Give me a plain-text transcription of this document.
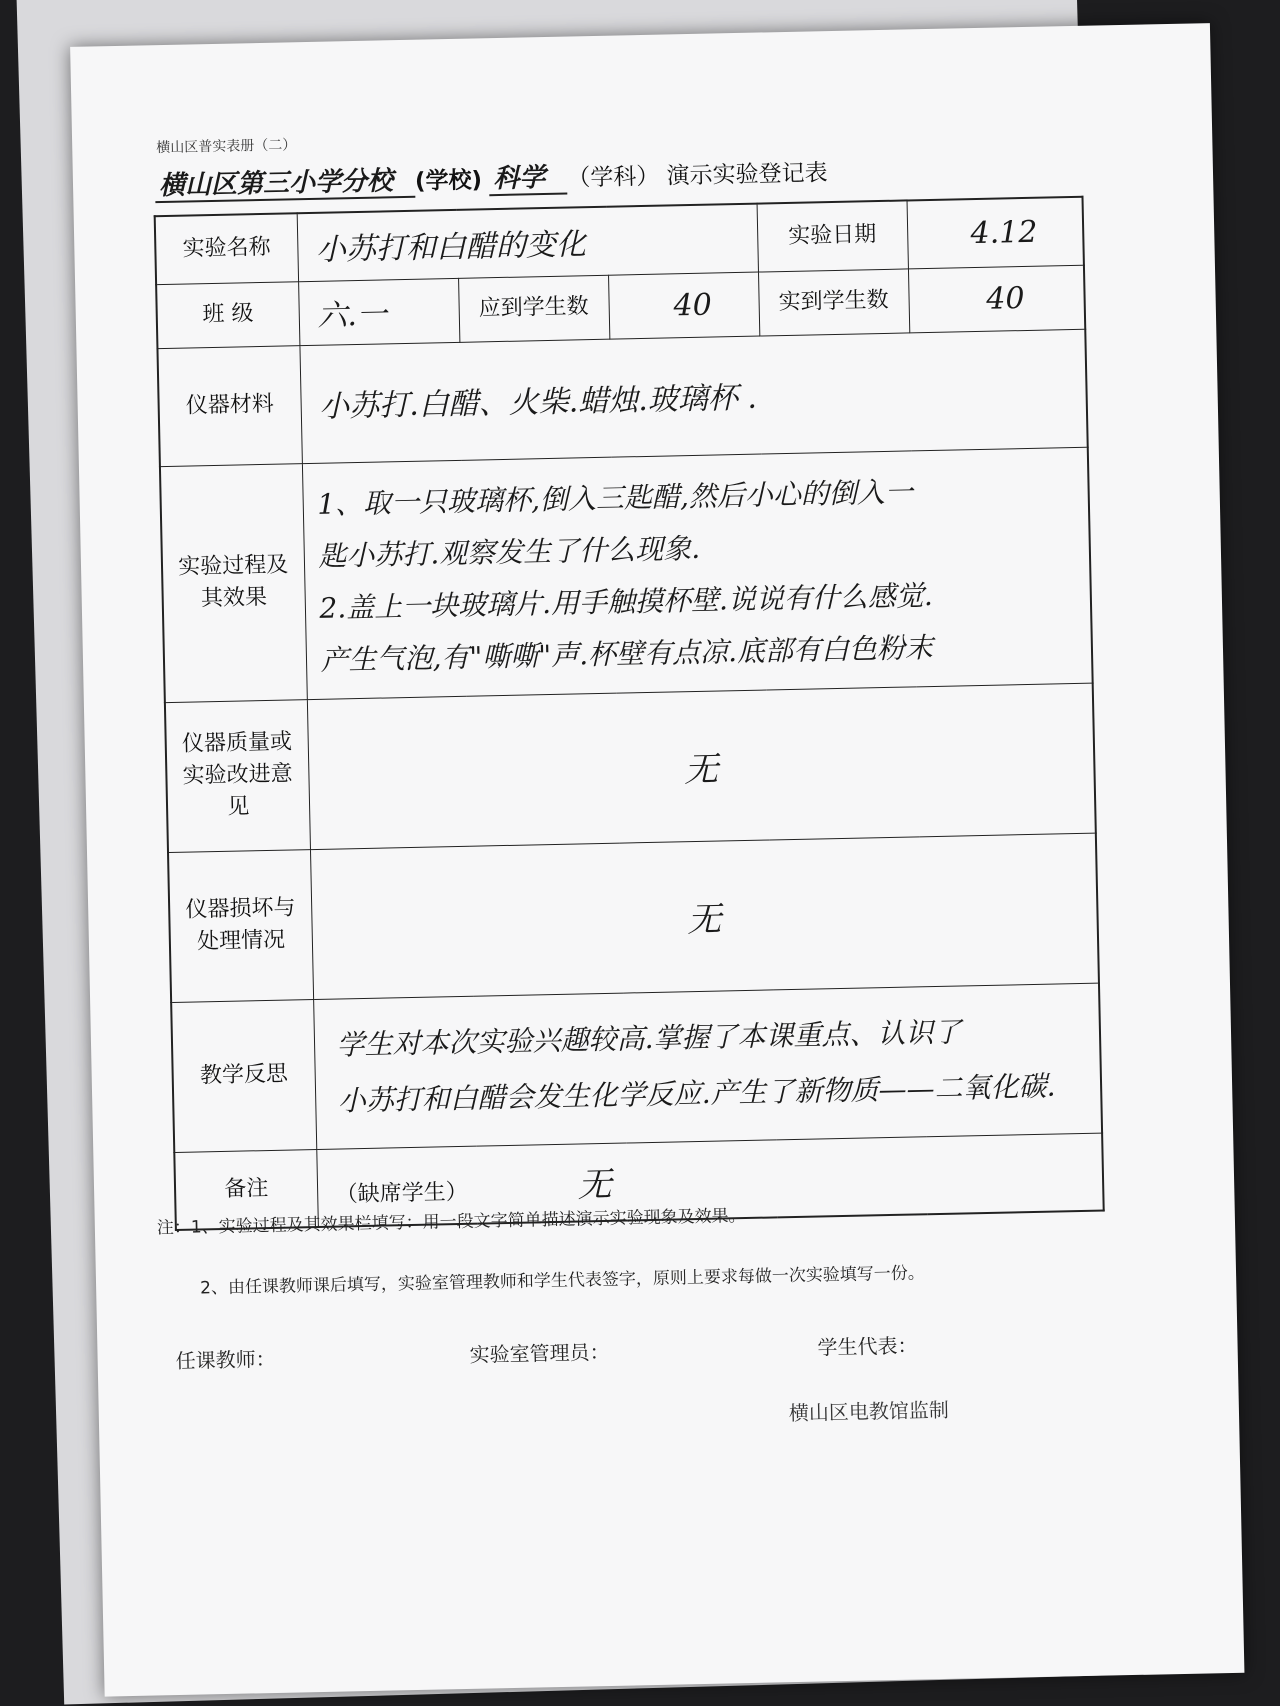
横山区普实表册（二）
横山区第三小学分校 (学校) 科学 （学科） 演示实验登记表
实验名称	小苏打和白醋的变化			实验日期	4.12
班 级	六.一	应到学生数	40	实到学生数	40
仪器材料	小苏打.白醋、火柴.蜡烛.玻璃杯 .				
实验过程及其效果	1、取一只玻璃杯,倒入三匙醋,然后小心的倒入一
匙小苏打.观察发生了什么现象.
2.盖上一块玻璃片.用手触摸杯壁.说说有什么感觉.
产生气泡,有"嘶嘶"声.杯壁有点凉.底部有白色粉末				

仪器质量或实验改进意见	无				
仪器损坏与处理情况	无				
教学反思	学生对本次实验兴趣较高.掌握了本课重点、认识了
小苏打和白醋会发生化学反应.产生了新物质——二氧化碳.				

备注	（缺席学生） 无				

注：1、实验过程及其效果栏填写：用一段文字简单描述演示实验现象及效果。

2、由任课教师课后填写，实验室管理教师和学生代表签字，原则上要求每做一次实验填写一份。

任课教师：	实验室管理员：	学生代表：
横山区电教馆监制
